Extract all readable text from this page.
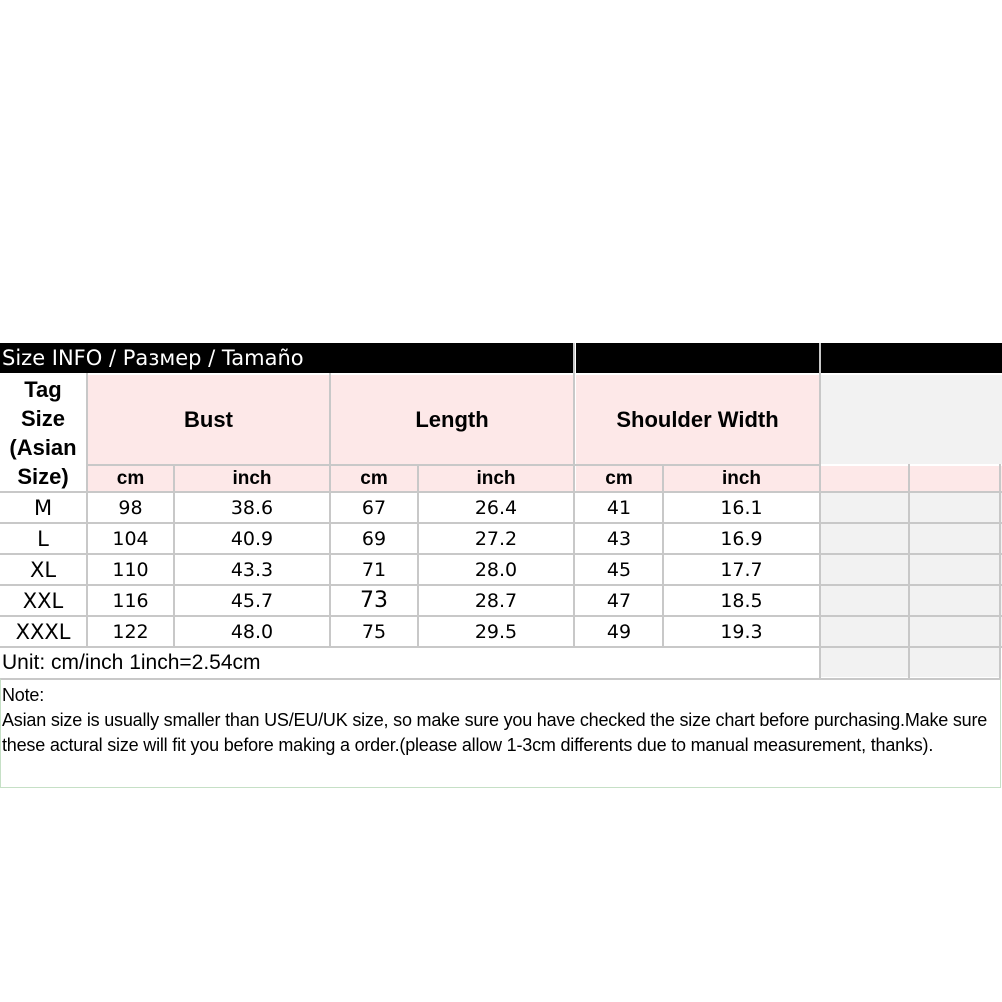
Size INFO / Размер / Tamaño
Tag Size (Asian Size)
Bust	Length	Shoulder Width
cm	inch	cm	inch	cm	inch
M	98	38.6	67	26.4	41	16.1
L	104	40.9	69	27.2	43	16.9
XL	110	43.3	71	28.0	45	17.7
XXL	116	45.7	73	28.7	47	18.5
XXXL 122	48.0	75	29.5	49	19.3
Unit: cm/inch 1inch=2.54cm

Note:

Asian size is usually smaller than US/EU/UK size, so make sure you have checked the size chart before purchasing.Make sure these actural size will fit you before making a order.(please allow 1-3cm differents due to manual measurement, thanks).
